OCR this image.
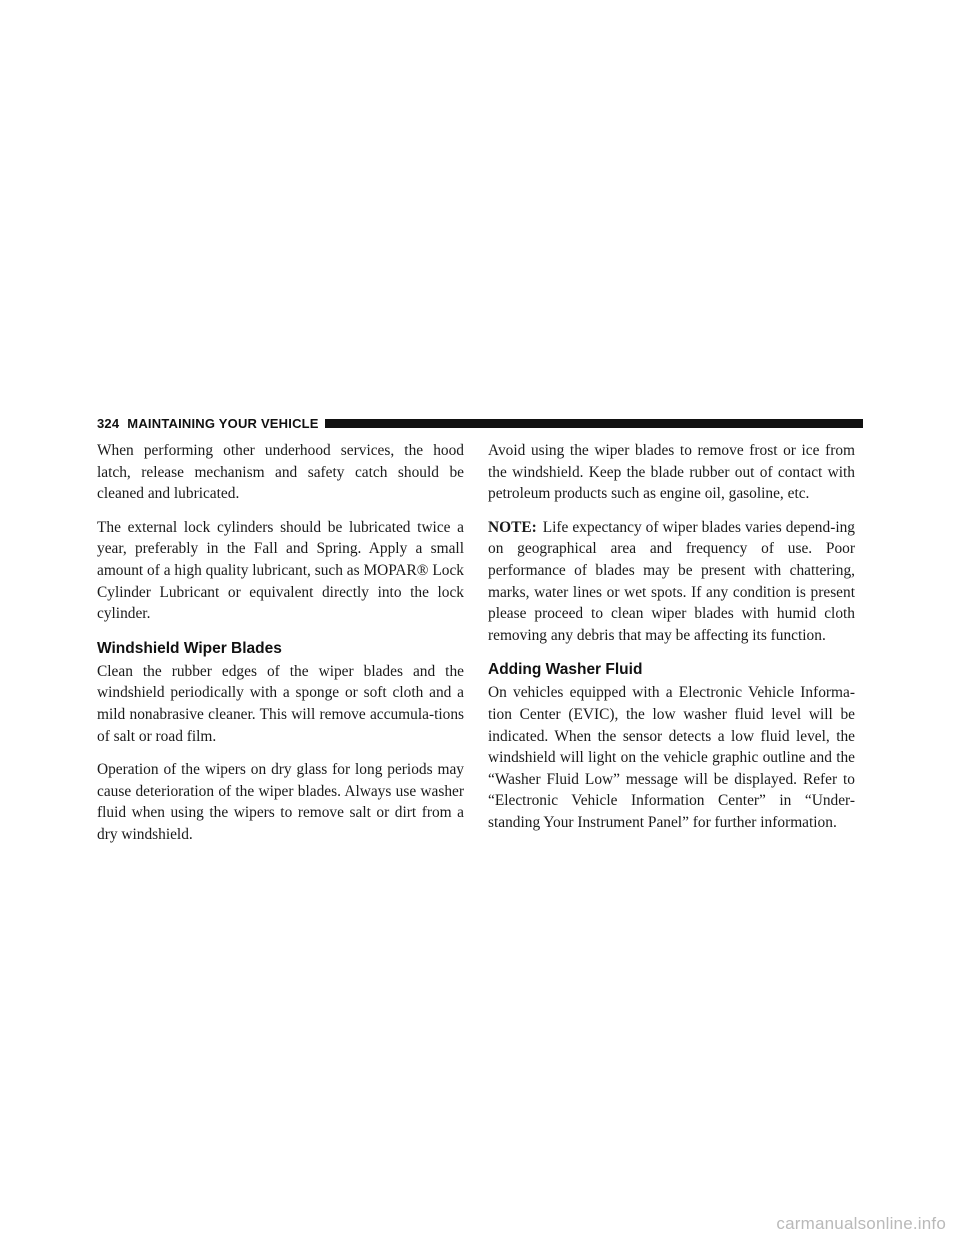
324 MAINTAINING YOUR VEHICLE

When performing other underhood services, the hood latch, release mechanism and safety catch should be cleaned and lubricated.

The external lock cylinders should be lubricated twice a year, preferably in the Fall and Spring. Apply a small amount of a high quality lubricant, such as MOPAR® Lock Cylinder Lubricant or equivalent directly into the lock cylinder.

Windshield Wiper Blades

Clean the rubber edges of the wiper blades and the windshield periodically with a sponge or soft cloth and a mild nonabrasive cleaner. This will remove accumula-tions of salt or road film.

Operation of the wipers on dry glass for long periods may cause deterioration of the wiper blades. Always use washer fluid when using the wipers to remove salt or dirt from a dry windshield.

Avoid using the wiper blades to remove frost or ice from the windshield. Keep the blade rubber out of contact with petroleum products such as engine oil, gasoline, etc.

NOTE: Life expectancy of wiper blades varies depend-ing on geographical area and frequency of use. Poor performance of blades may be present with chattering, marks, water lines or wet spots. If any condition is present please proceed to clean wiper blades with humid cloth removing any debris that may be affecting its function.

Adding Washer Fluid

On vehicles equipped with a Electronic Vehicle Informa-tion Center (EVIC), the low washer fluid level will be indicated. When the sensor detects a low fluid level, the windshield will light on the vehicle graphic outline and the “Washer Fluid Low” message will be displayed. Refer to “Electronic Vehicle Information Center” in “Under-standing Your Instrument Panel” for further information.

carmanualsonline.info
